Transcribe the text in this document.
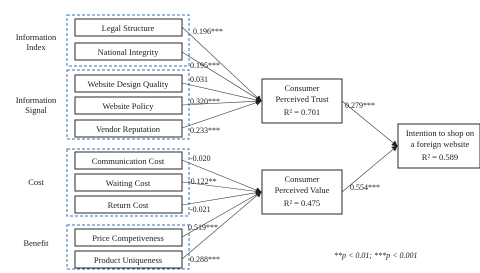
Information
Index
Information
Signal
Cost
Benefit
Legal Structure
National Integrity
Website Design Quality
Website Policy
Vendor Reputation
Communication Cost
Waiting Cost
Return Cost
Price Competiveness
Product Uniqueness
Consumer
Perceived Trust
R² = 0.701
Consumer
Perceived Value
R² = 0.475
Intention to shop on
a foreign website
R² = 0.589
0.196***
0.195***
0.031
0.320***
0.233***
-0.020
-0.122**
-0.021
0.519***
0.288***
0.279***
0.554***
**p < 0.01; ***p < 0.001
